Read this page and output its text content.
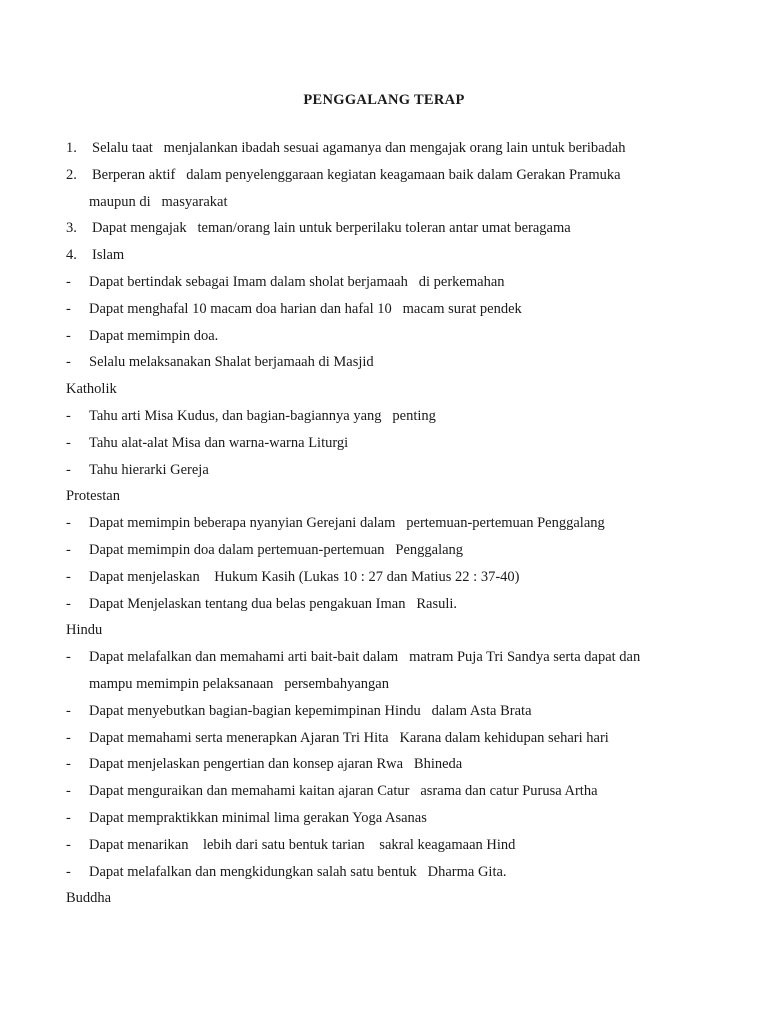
PENGGALANG TERAP
1. Selalu taat   menjalankan ibadah sesuai agamanya dan mengajak orang lain untuk beribadah
2. Berperan aktif   dalam penyelenggaraan kegiatan keagamaan baik dalam Gerakan Pramuka
maupun di   masyarakat
3. Dapat mengajak   teman/orang lain untuk berperilaku toleran antar umat beragama
4. Islam
- Dapat bertindak sebagai Imam dalam sholat berjamaah   di perkemahan
- Dapat menghafal 10 macam doa harian dan hafal 10   macam surat pendek
- Dapat memimpin doa.
- Selalu melaksanakan Shalat berjamaah di Masjid
Katholik
- Tahu arti Misa Kudus, dan bagian-bagiannya yang   penting
- Tahu alat-alat Misa dan warna-warna Liturgi
- Tahu hierarki Gereja
Protestan
- Dapat memimpin beberapa nyanyian Gerejani dalam   pertemuan-pertemuan Penggalang
- Dapat memimpin doa dalam pertemuan-pertemuan   Penggalang
- Dapat menjelaskan    Hukum Kasih (Lukas 10 : 27 dan Matius 22 : 37-40)
- Dapat Menjelaskan tentang dua belas pengakuan Iman   Rasuli.
Hindu
- Dapat melafalkan dan memahami arti bait-bait dalam   matram Puja Tri Sandya serta dapat dan
mampu memimpin pelaksanaan   persembahyangan
- Dapat menyebutkan bagian-bagian kepemimpinan Hindu   dalam Asta Brata
- Dapat memahami serta menerapkan Ajaran Tri Hita   Karana dalam kehidupan sehari hari
- Dapat menjelaskan pengertian dan konsep ajaran Rwa   Bhineda
- Dapat menguraikan dan memahami kaitan ajaran Catur   asrama dan catur Purusa Artha
- Dapat mempraktikkan minimal lima gerakan Yoga Asanas
- Dapat menarikan    lebih dari satu bentuk tarian    sakral keagamaan Hind
- Dapat melafalkan dan mengkidungkan salah satu bentuk   Dharma Gita.
Buddha
